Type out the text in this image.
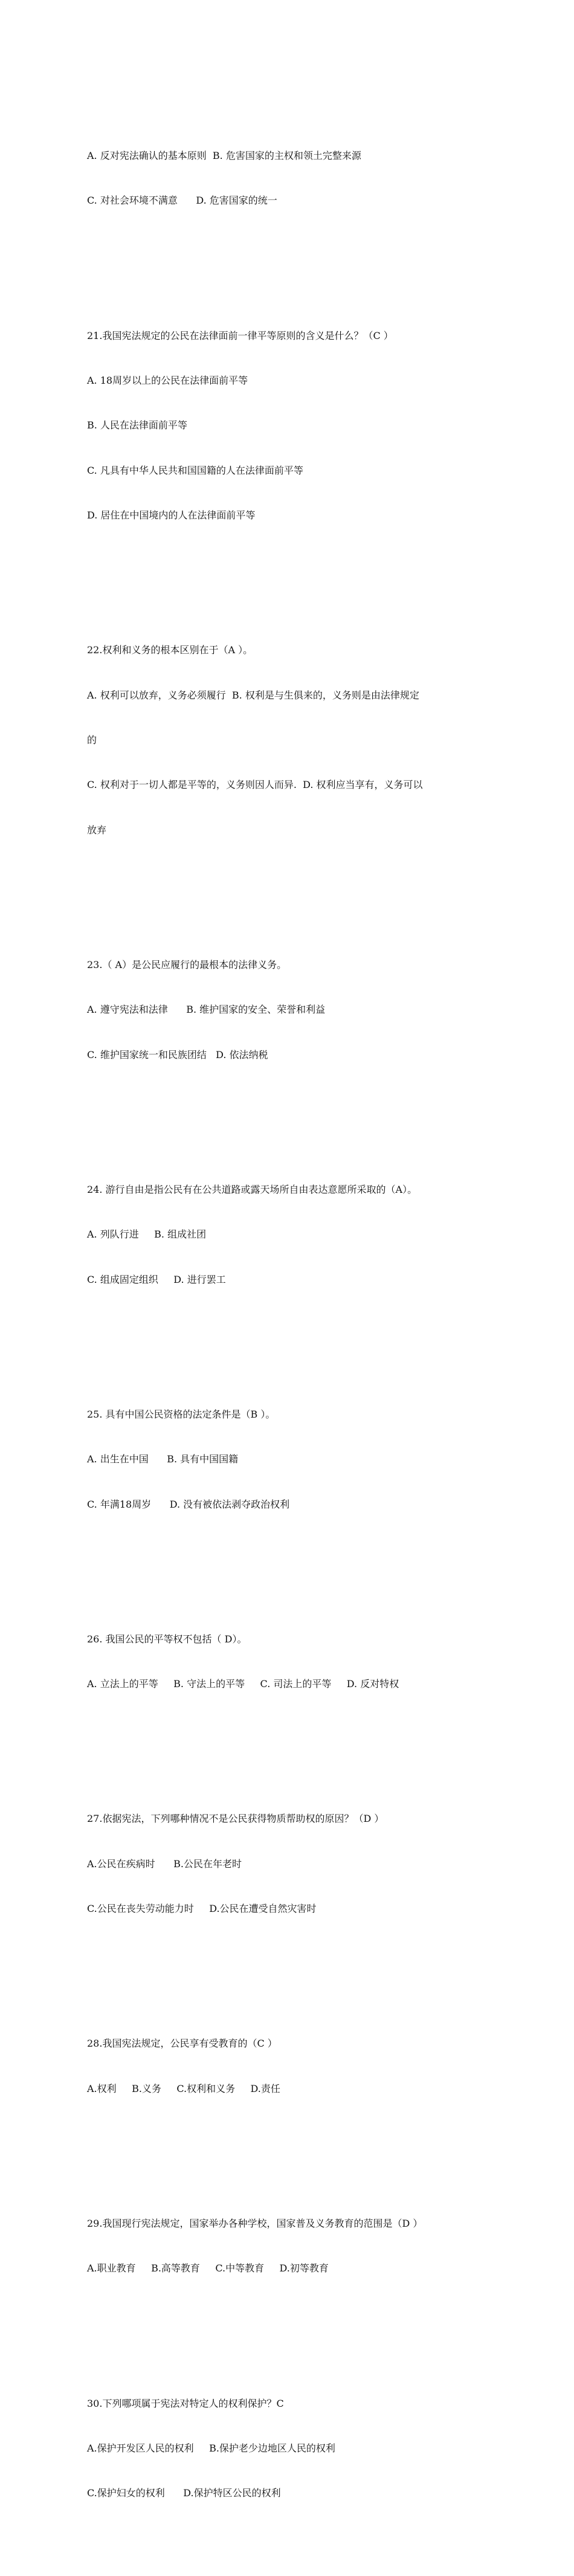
A. 反对宪法确认的基本原则  B. 危害国家的主权和领土完整来源

C. 对社会环境不满意      D. 危害国家的统一

21.我国宪法规定的公民在法律面前一律平等原则的含义是什么？（C ）

A. 18周岁以上的公民在法律面前平等

B. 人民在法律面前平等

C. 凡具有中华人民共和国国籍的人在法律面前平等

D. 居住在中国境内的人在法律面前平等

22.权利和义务的根本区别在于（A ）。

A. 权利可以放弃，义务必须履行  B. 权利是与生俱来的，义务则是由法律规定

的

C. 权利对于一切人都是平等的，义务则因人而异.  D. 权利应当享有，义务可以

放弃

23.（ A）是公民应履行的最根本的法律义务。

A. 遵守宪法和法律      B. 维护国家的安全、荣誉和利益

C. 维护国家统一和民族团结   D. 依法纳税

24. 游行自由是指公民有在公共道路或露天场所自由表达意愿所采取的（A）。

A. 列队行进     B. 组成社团

C. 组成固定组织     D. 进行罢工

25. 具有中国公民资格的法定条件是（B ）。

A. 出生在中国      B. 具有中国国籍

C. 年满18周岁      D. 没有被依法剥夺政治权利

26. 我国公民的平等权不包括（ D）。

A. 立法上的平等     B. 守法上的平等     C. 司法上的平等     D. 反对特权

27.依据宪法，下列哪种情况不是公民获得物质帮助权的原因？（D ）

A.公民在疾病时      B.公民在年老时

C.公民在丧失劳动能力时     D.公民在遭受自然灾害时

28.我国宪法规定，公民享有受教育的（C ）

A.权利     B.义务     C.权利和义务     D.责任

29.我国现行宪法规定，国家举办各种学校，国家普及义务教育的范围是（D ）

A.职业教育     B.高等教育     C.中等教育     D.初等教育

30.下列哪项属于宪法对特定人的权利保护？C

A.保护开发区人民的权利     B.保护老少边地区人民的权利

C.保护妇女的权利      D.保护特区公民的权利
